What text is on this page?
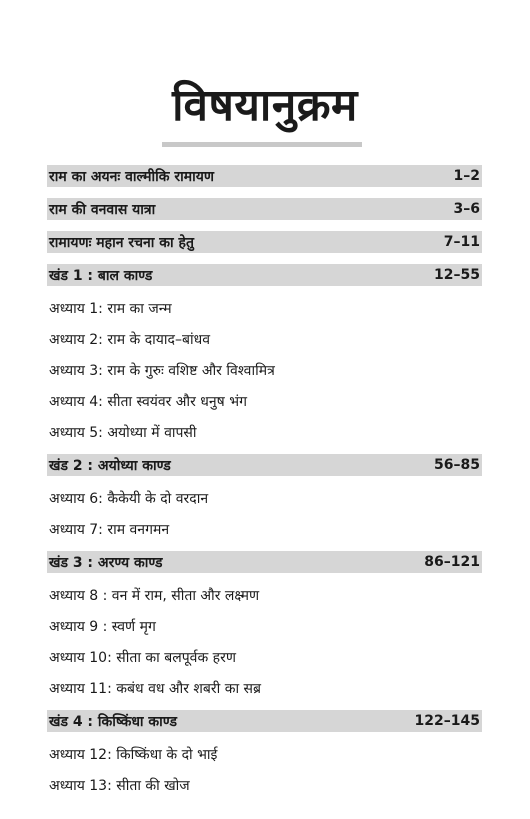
विषयानुक्रम
राम का अयनः वाल्मीकि रामायण	1–2
राम की वनवास यात्रा	3–6
रामायणः महान रचना का हेतु	7–11
खंड 1 : बाल काण्ड	12–55
अध्याय 1: राम का जन्म
अध्याय 2: राम के दायाद–बांधव
अध्याय 3: राम के गुरुः वशिष्ट और विश्वामित्र
अध्याय 4: सीता स्वयंवर और धनुष भंग
अध्याय 5: अयोध्या में वापसी
खंड 2 : अयोध्या काण्ड	56–85
अध्याय 6: कैकेयी के दो वरदान
अध्याय 7: राम वनगमन
खंड 3 : अरण्य काण्ड	86–121
अध्याय 8 : वन में राम, सीता और लक्ष्मण
अध्याय 9 : स्वर्ण मृग
अध्याय 10: सीता का बलपूर्वक हरण
अध्याय 11: कबंध वध और शबरी का सब्र
खंड 4 : किष्किंधा काण्ड	122–145
अध्याय 12: किष्किंधा के दो भाई
अध्याय 13: सीता की खोज
